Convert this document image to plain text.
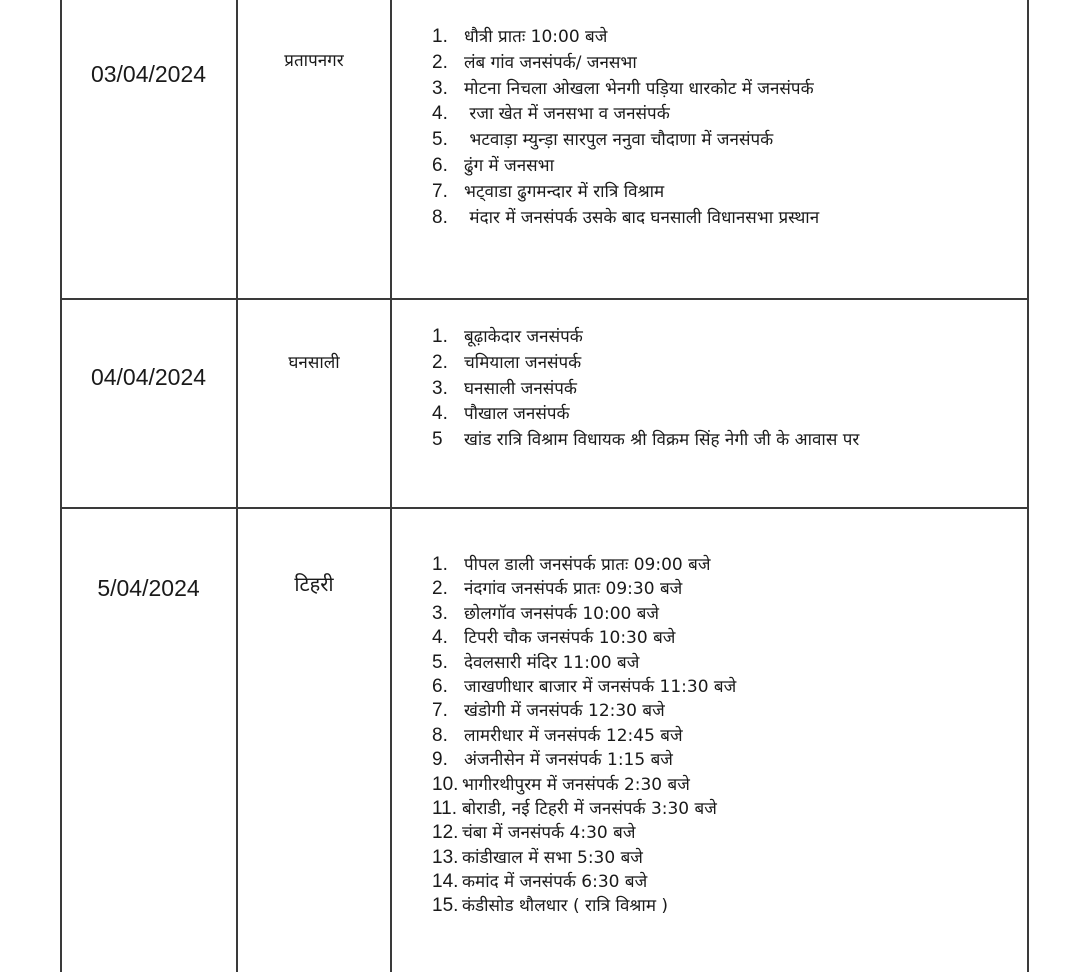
03/04/2024	प्रतापनगर
1. धौत्री प्रातः 10:00 बजे
2. लंब गांव जनसंपर्क/ जनसभा
3. मोटना निचला ओखला भेनगी पड़िया धारकोट में जनसंपर्क
4. रजा खेत में जनसभा व जनसंपर्क
5. भटवाड़ा म्युन्ड़ा सारपुल ननुवा चौदाणा में जनसंपर्क
6. ढुंग में जनसभा
7. भट्वाडा ढुगमन्दार में रात्रि विश्राम
8. मंदार में जनसंपर्क उसके बाद घनसाली विधानसभा प्रस्थान
04/04/2024
घनसाली
1. बूढ़ाकेदार जनसंपर्क
2. चमियाला जनसंपर्क
3. घनसाली जनसंपर्क
4. पौखाल जनसंपर्क
5 खांड रात्रि विश्राम विधायक श्री विक्रम सिंह नेगी जी के आवास पर
5/04/2024	टिहरी
1. पीपल डाली जनसंपर्क प्रातः 09:00 बजे
2. नंदगांव जनसंपर्क प्रातः 09:30 बजे
3. छोलगॉव जनसंपर्क 10:00 बजे
4. टिपरी चौक जनसंपर्क 10:30 बजे
5. देवलसारी मंदिर 11:00 बजे
6. जाखणीधार बाजार में जनसंपर्क 11:30 बजे
7. खंडोगी में जनसंपर्क 12:30 बजे
8. लामरीधार में जनसंपर्क 12:45 बजे
9. अंजनीसेन में जनसंपर्क 1:15 बजे
10. भागीरथीपुरम में जनसंपर्क 2:30 बजे
11. बोराडी, नई टिहरी में जनसंपर्क 3:30 बजे
12. चंबा में जनसंपर्क 4:30 बजे
13. कांडीखाल में सभा 5:30 बजे
14. कमांद में जनसंपर्क 6:30 बजे
15. कंडीसोड थौलधार ( रात्रि विश्राम )
